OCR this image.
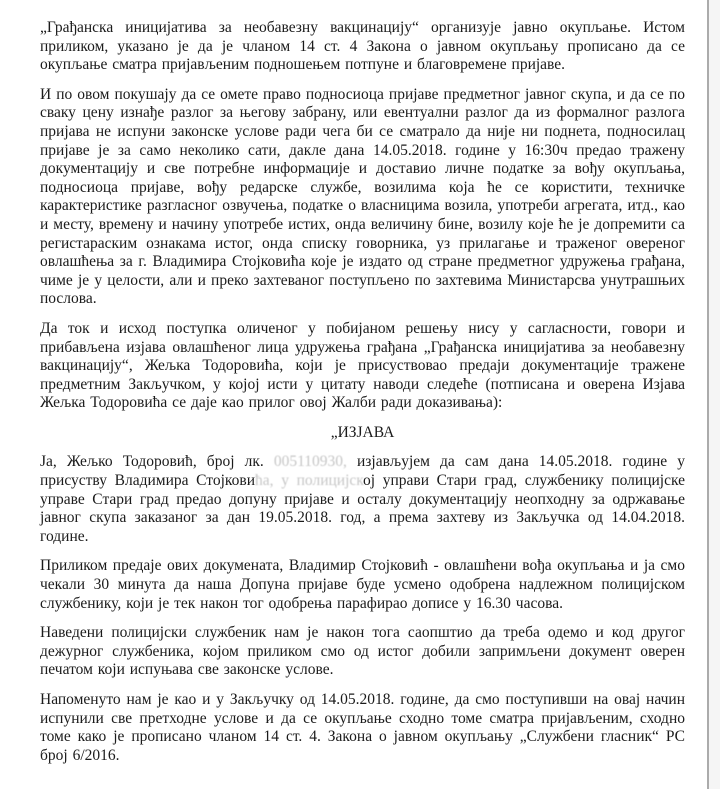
„Грађанска иницијатива за необавезну вакцинацију“ организује јавно окупљање. Истом приликом, указано је да је чланом 14 ст. 4 Закона о јавном окупљању прописано да се окупљање сматра пријављеним подношењем потпуне и благовремене пријаве.

И по овом покушају да се омете право подносиоца пријаве предметног јавног скупа, и да се по сваку цену изнађе разлог за његову забрану, или евентуални разлог да из формалног разлога пријава не испуни законске услове ради чега би се сматрало да није ни поднета, подносилац пријаве је за само неколико сати, дакле дана 14.05.2018. године у 16:30ч предао тражену документацију и све потребне информације и доставио личне податке за вођу окупљања, подносиоца пријаве, вођу редарске службе, возилима која ће се користити, техничке карактеристике разгласног озвучења, податке о власницима возила, употреби агрегата, итд., као и месту, времену и начину употребе истих, онда величину бине, возилу које ће је допремити са регистараским ознакама истог, онда списку говорника, уз прилагање и траженог овереног овлашћења за г. Владимира Стојковића које је издато од стране предметног удружења грађана, чиме је у целости, али и преко захтеваног поступљено по захтевима Министарсва унутрашњих послова.

Да ток и исход поступка оличеног у побијаном решењу нису у сагласности, говори и прибављена изјава овлашћеног лица удружења грађана „Грађанска иницијатива за необавезну вакцинацију“, Жељка Тодоровића, који је присуствовао предаји документације тражене предметним Закључком, у којој исти у цитату наводи следеће (потписана и оверена Изјава Жељка Тодоровића се даје као прилог овој Жалби ради доказивања):

„ИЗЈАВА

Ја, Жељко Тодоровић, број лк. 005110930, изјављујем да сам дана 14.05.2018. године у присуству Владимира Стојковића, у полицијској управи Стари град, службенику полицијске управе Стари град предао допуну пријаве и осталу документацију неопходну за одржавање јавног скупа заказаног за дан 19.05.2018. год, а према захтеву из Закључка од 14.04.2018. године.

Приликом предаје ових докумената, Владимир Стојковић - овлашћени вођа окупљања и ја смо чекали 30 минута да наша Допуна пријаве буде усмено одобрена надлежном полицијском службенику, који је тек након тог одобрења парафирао дописе у 16.30 часова.

Наведени полицијски службеник нам је након тога саопштио да треба одемо и код другог дежурног службеника, којом приликом смо од истог добили запримљени документ оверен печатом који испуњава све законске услове.

Напоменуто нам је као и у Закључку од 14.05.2018. године, да смо поступивши на овај начин испунили све претходне услове и да се окупљање сходно томе сматра пријављеним, сходно томе како је прописано чланом 14 ст. 4. Закона о јавном окупљању „Службени гласник“ РС број 6/2016.
